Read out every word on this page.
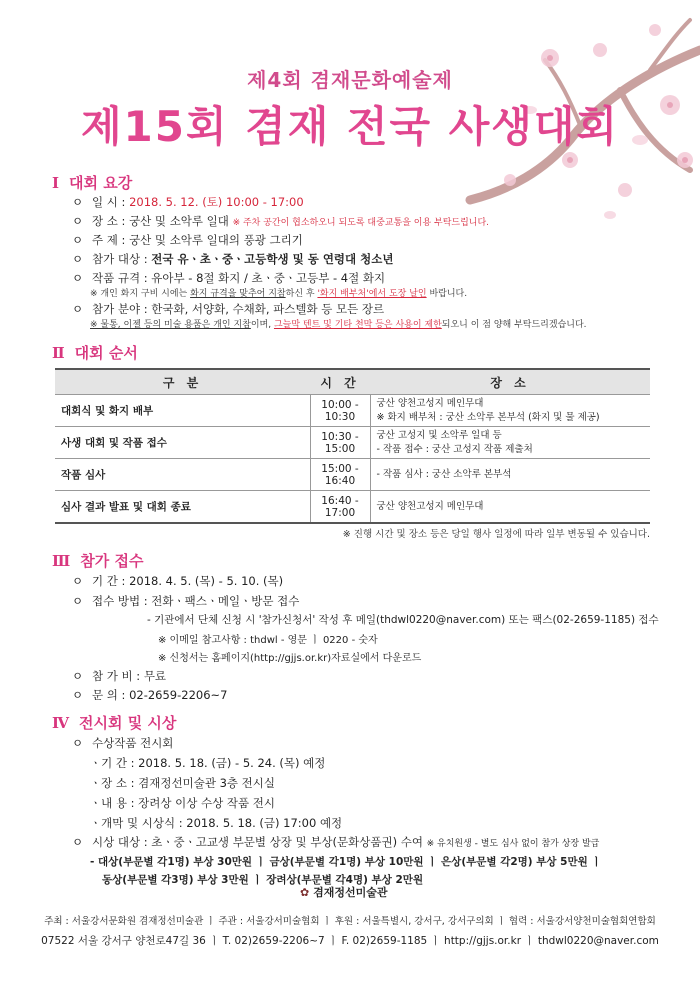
제4회 겸재문화예술제
제15회 겸재 전국 사생대회
Ⅰ 대회 요강
ㅇ 일 시 : 2018. 5. 12. (토) 10:00 - 17:00
ㅇ 장 소 : 궁산 및 소악루 일대 ※ 주차 공간이 협소하오니 되도록 대중교통을 이용 부탁드립니다.
ㅇ 주 제 : 궁산 및 소악루 일대의 풍광 그리기
ㅇ 참가 대상 : 전국 유ㆍ초ㆍ중ㆍ고등학생 및 동 연령대 청소년
ㅇ 작품 규격 : 유아부 - 8절 화지 / 초ㆍ중ㆍ고등부 - 4절 화지
※ 개인 화지 구비 시에는 화지 규격을 맞추어 지참하신 후 '화지 배부처'에서 도장 날인 바랍니다.
ㅇ 참가 분야 : 한국화, 서양화, 수채화, 파스텔화 등 모든 장르
※ 물통, 이젤 등의 미술 용품은 개인 지참이며, 그늘막 텐트 및 기타 천막 등은 사용이 제한되오니 이 점 양해 부탁드리겠습니다.
Ⅱ 대회 순서
구 분	시 간	장 소
대회식 및 화지 배부	10:00 - 10:30	궁산 양천고성지 메인무대
※ 화지 배부처 : 궁산 소악루 본부석 (화지 및 물 제공)

사생 대회 및 작품 접수	10:30 - 15:00	궁산 고성지 및 소악루 일대 등
- 작품 접수 : 궁산 고성지 작품 제출처

작품 심사	15:00 - 16:40	- 작품 심사 : 궁산 소악루 본부석

심사 결과 발표 및 대회 종료	16:40 - 17:00	궁산 양천고성지 메인무대
※ 진행 시간 및 장소 등은 당일 행사 일정에 따라 일부 변동될 수 있습니다.
Ⅲ 참가 접수
ㅇ 기 간 : 2018. 4. 5. (목) - 5. 10. (목)
ㅇ 접수 방법 : 전화ㆍ팩스ㆍ메일ㆍ방문 접수
- 기관에서 단체 신청 시 '참가신청서' 작성 후 메일(thdwl0220@naver.com) 또는 팩스(02-2659-1185) 접수
※ 이메일 참고사항 : thdwl - 영문 ㅣ 0220 - 숫자
※ 신청서는 홈페이지(http://gjjs.or.kr)자료실에서 다운로드
ㅇ 참 가 비 : 무료
ㅇ 문 의 : 02-2659-2206~7
Ⅳ 전시회 및 시상
ㅇ 수상작품 전시회
ㆍ기 간 : 2018. 5. 18. (금) - 5. 24. (목) 예정
ㆍ장 소 : 겸재정선미술관 3층 전시실
ㆍ내 용 : 장려상 이상 수상 작품 전시
ㆍ개막 및 시상식 : 2018. 5. 18. (금) 17:00 예정
ㅇ 시상 대상 : 초ㆍ중ㆍ고교생 부문별 상장 및 부상(문화상품권) 수여 ※ 유치원생 - 별도 심사 없이 참가 상장 발급
- 대상(부문별 각1명) 부상 30만원 ㅣ 금상(부문별 각1명) 부상 10만원 ㅣ 은상(부문별 각2명) 부상 5만원 ㅣ
동상(부문별 각3명) 부상 3만원 ㅣ 장려상(부문별 각4명) 부상 2만원
✿ 겸재정선미술관
주최 : 서울강서문화원 겸재정선미술관 ㅣ 주관 : 서울강서미술협회 ㅣ 후원 : 서울특별시, 강서구, 강서구의회 ㅣ 협력 : 서울강서양천미술협회연합회
07522 서울 강서구 양천로47길 36 ㅣ T. 02)2659-2206~7 ㅣ F. 02)2659-1185 ㅣ http://gjjs.or.kr ㅣ thdwl0220@naver.com
